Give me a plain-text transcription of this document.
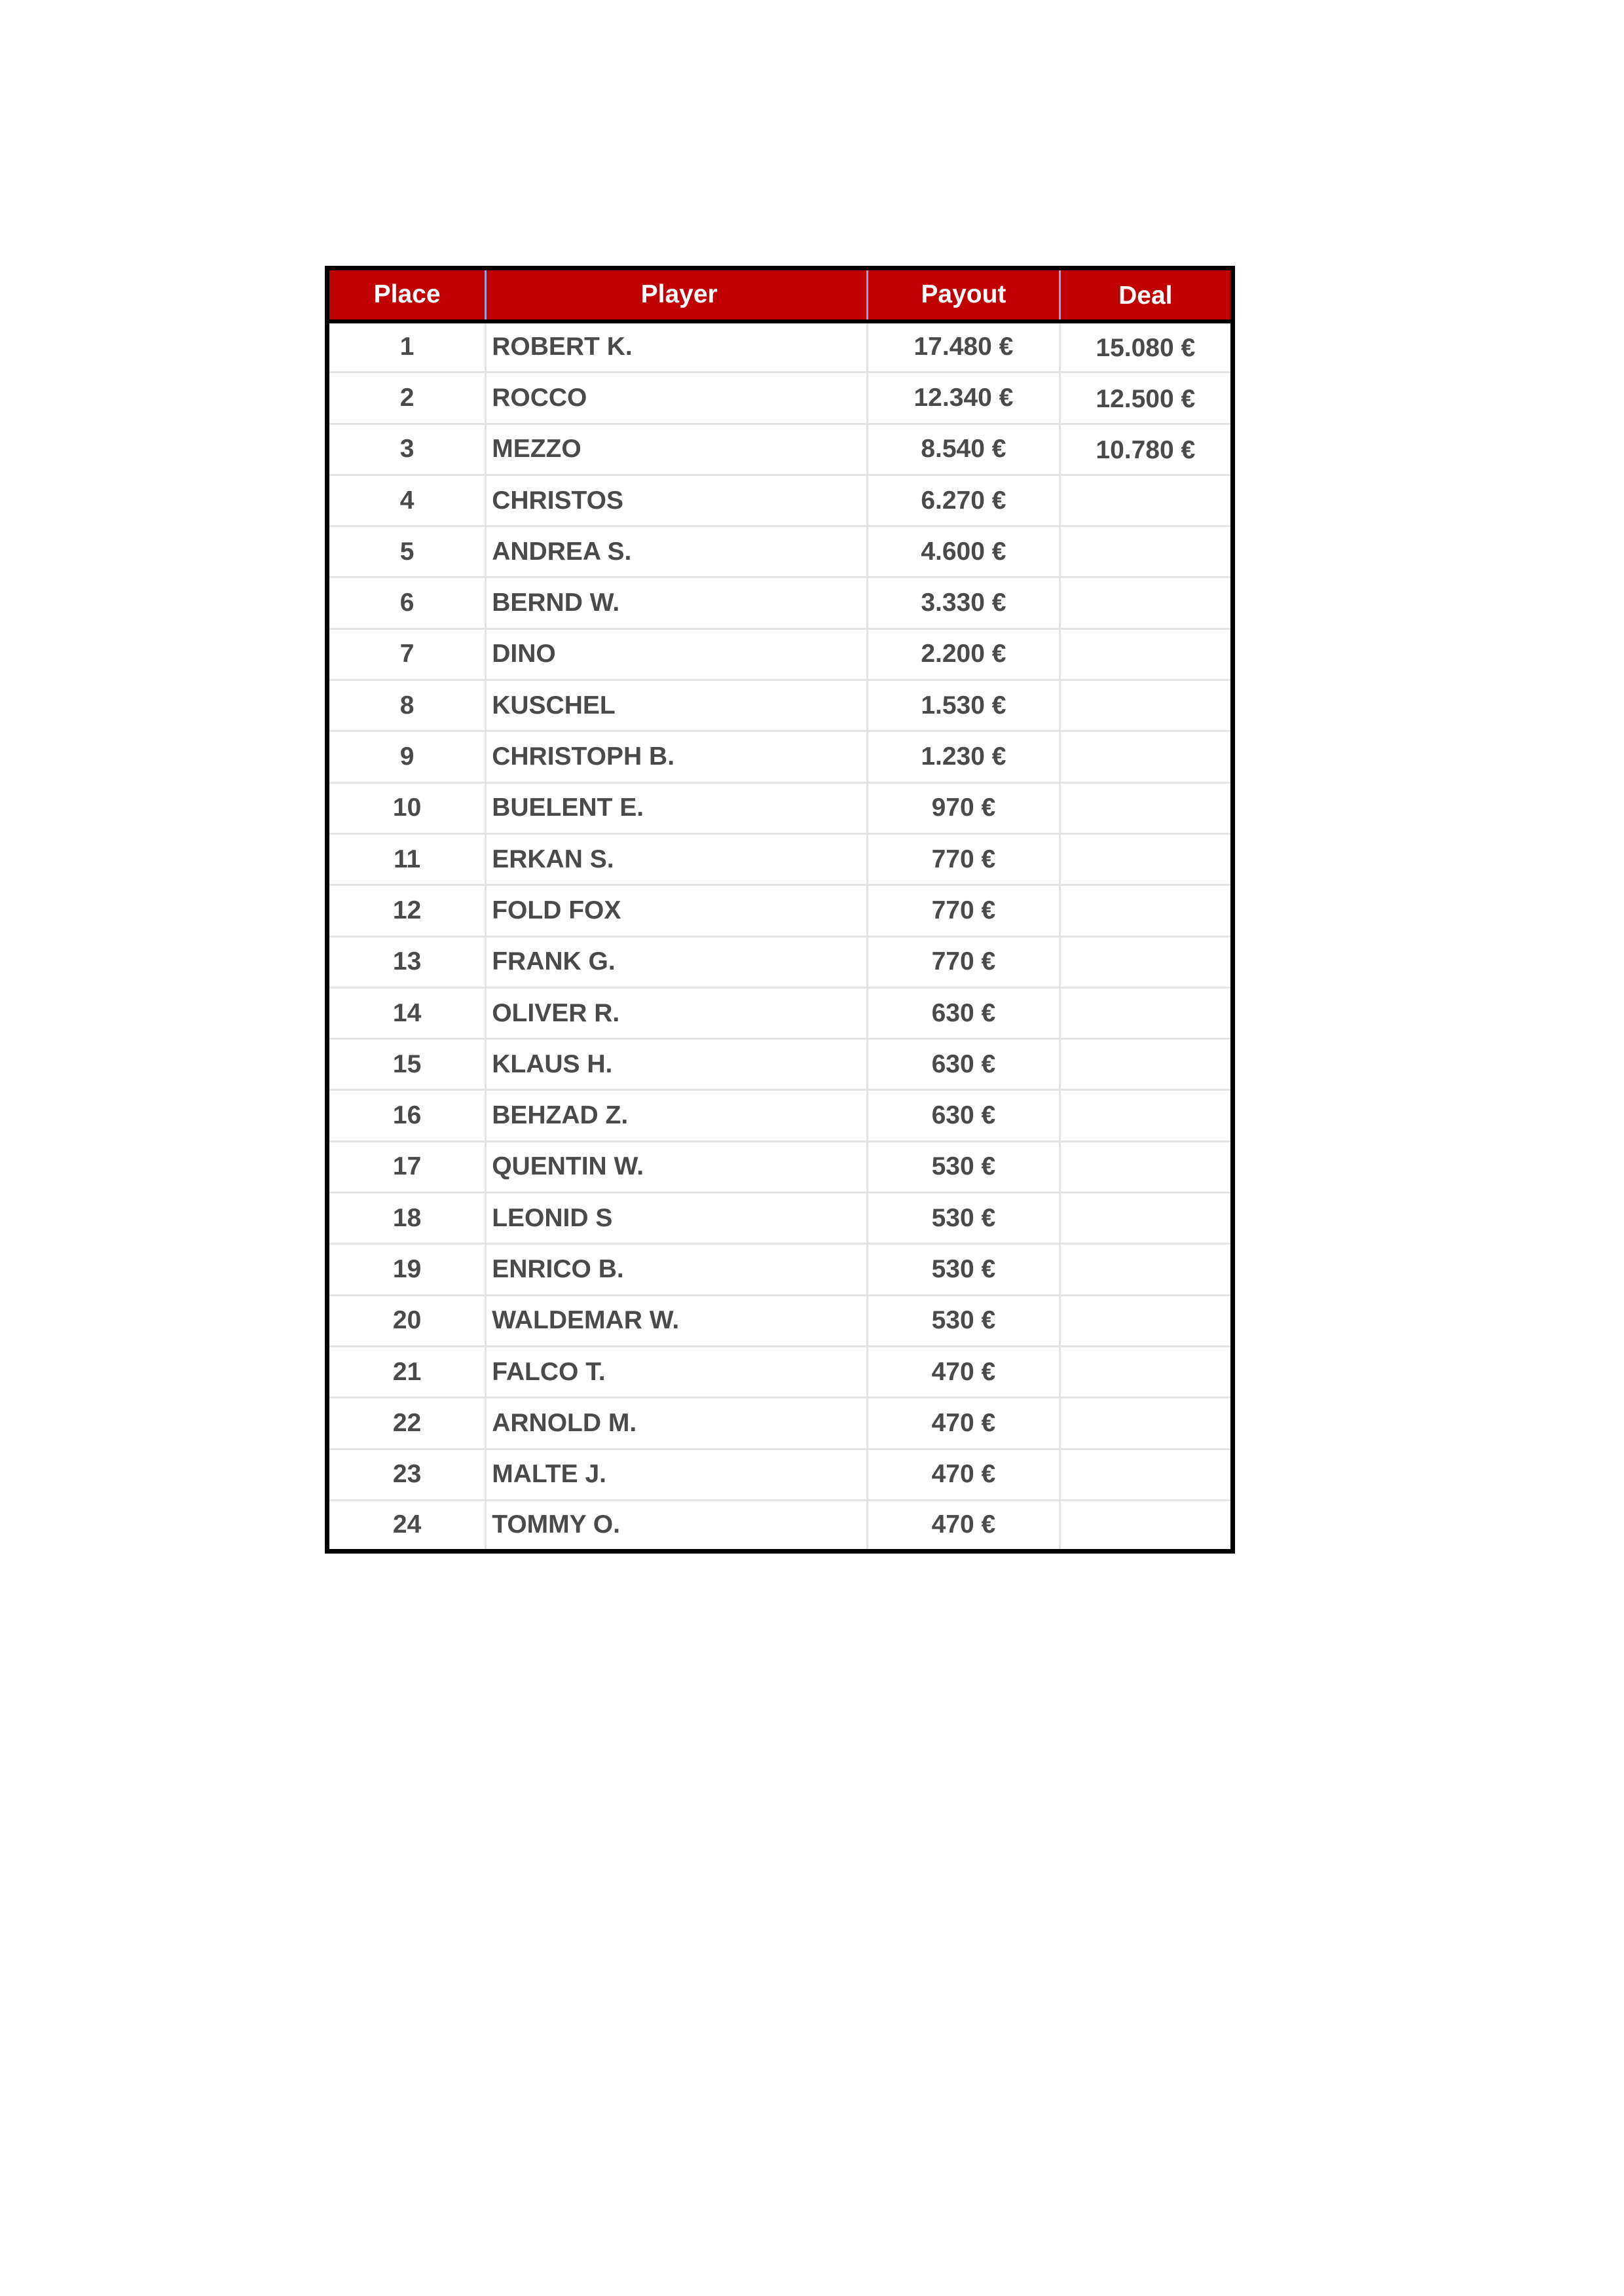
Place	Player	Payout	Deal
1	ROBERT K.	17.480 €	15.080 €
2	ROCCO	12.340 €	12.500 €
3	MEZZO	8.540 €	10.780 €
4	CHRISTOS	6.270 €	
5	ANDREA S.	4.600 €	
6	BERND W.	3.330 €	
7	DINO	2.200 €	
8	KUSCHEL	1.530 €	
9	CHRISTOPH B.	1.230 €	
10	BUELENT E.	970 €	
11	ERKAN S.	770 €	
12	FOLD FOX	770 €	
13	FRANK G.	770 €	
14	OLIVER R.	630 €	
15	KLAUS H.	630 €	
16	BEHZAD Z.	630 €	
17	QUENTIN W.	530 €	
18	LEONID S	530 €	
19	ENRICO B.	530 €	
20	WALDEMAR W.	530 €	
21	FALCO T.	470 €	
22	ARNOLD M.	470 €	
23	MALTE J.	470 €	
24	TOMMY O.	470 €	
